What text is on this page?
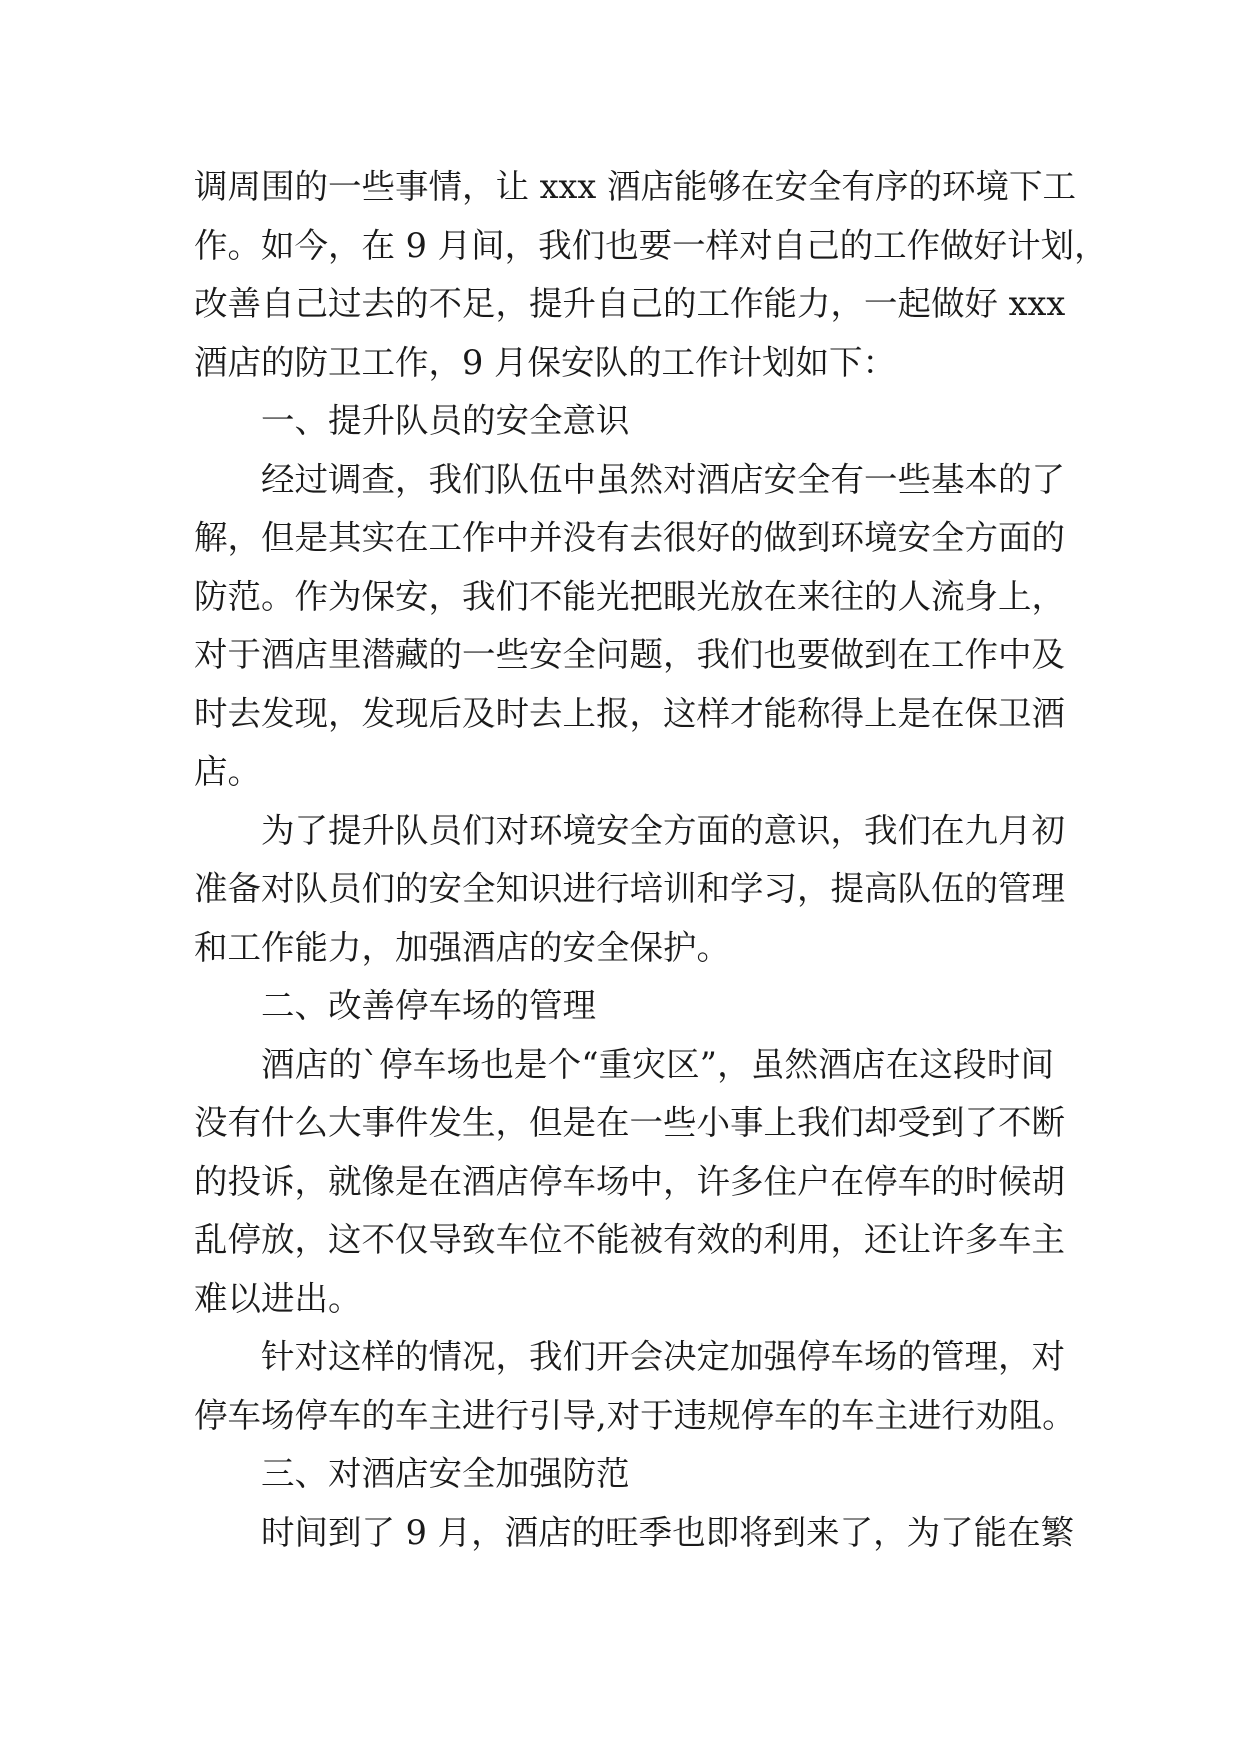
调周围的一些事情，让 xxx 酒店能够在安全有序的环境下工
作。如今，在 9 月间，我们也要一样对自己的工作做好计划，
改善自己过去的不足，提升自己的工作能力，一起做好 xxx
酒店的防卫工作，9 月保安队的工作计划如下：
一、提升队员的安全意识
经过调查，我们队伍中虽然对酒店安全有一些基本的了
解，但是其实在工作中并没有去很好的做到环境安全方面的
防范。作为保安，我们不能光把眼光放在来往的人流身上，
对于酒店里潜藏的一些安全问题，我们也要做到在工作中及
时去发现，发现后及时去上报，这样才能称得上是在保卫酒
店。
为了提升队员们对环境安全方面的意识，我们在九月初
准备对队员们的安全知识进行培训和学习，提高队伍的管理
和工作能力，加强酒店的安全保护。
二、改善停车场的管理
酒店的`停车场也是个“重灾区”，虽然酒店在这段时间
没有什么大事件发生，但是在一些小事上我们却受到了不断
的投诉，就像是在酒店停车场中，许多住户在停车的时候胡
乱停放，这不仅导致车位不能被有效的利用，还让许多车主
难以进出。
针对这样的情况，我们开会决定加强停车场的管理，对
停车场停车的车主进行引导,对于违规停车的车主进行劝阻。
三、对酒店安全加强防范
时间到了 9 月，酒店的旺季也即将到来了，为了能在繁
